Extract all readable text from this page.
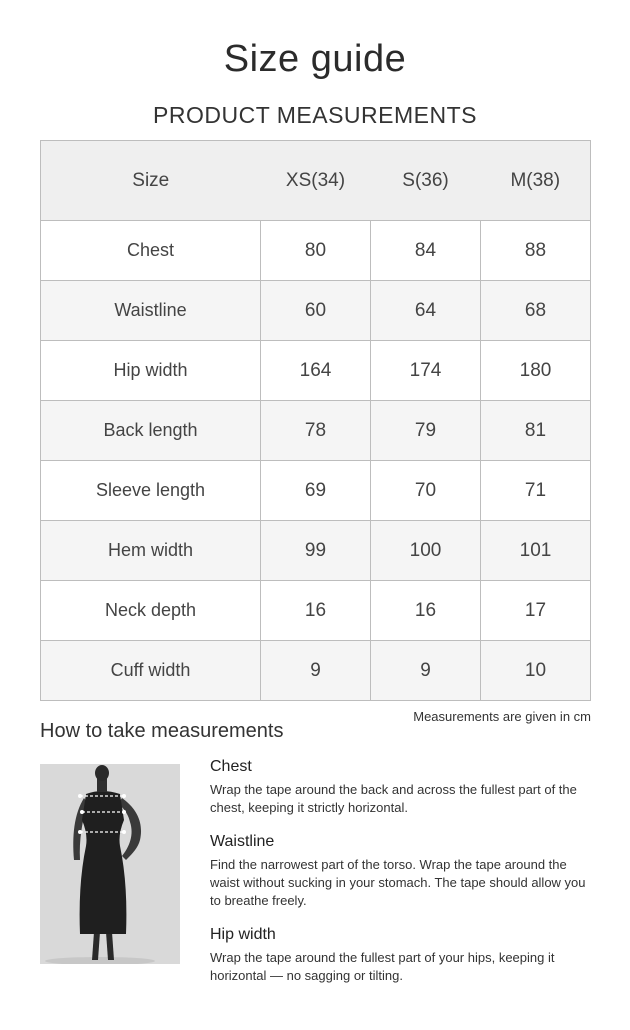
Size guide
PRODUCT MEASUREMENTS
Size	XS(34)	S(36)	M(38)
Chest	80	84	88
Waistline	60	64	68
Hip width	164	174	180
Back length	78	79	81
Sleeve length	69	70	71
Hem width	99	100	101
Neck depth	16	16	17
Cuff width	9	9	10
Measurements are given in cm
How to take measurements
Chest
Wrap the tape around the back and across the fullest part of the chest, keeping it strictly horizontal.
Waistline
Find the narrowest part of the torso. Wrap the tape around the waist without sucking in your stomach. The tape should allow you to breathe freely.
Hip width
Wrap the tape around the fullest part of your hips, keeping it horizontal — no sagging or tilting.
